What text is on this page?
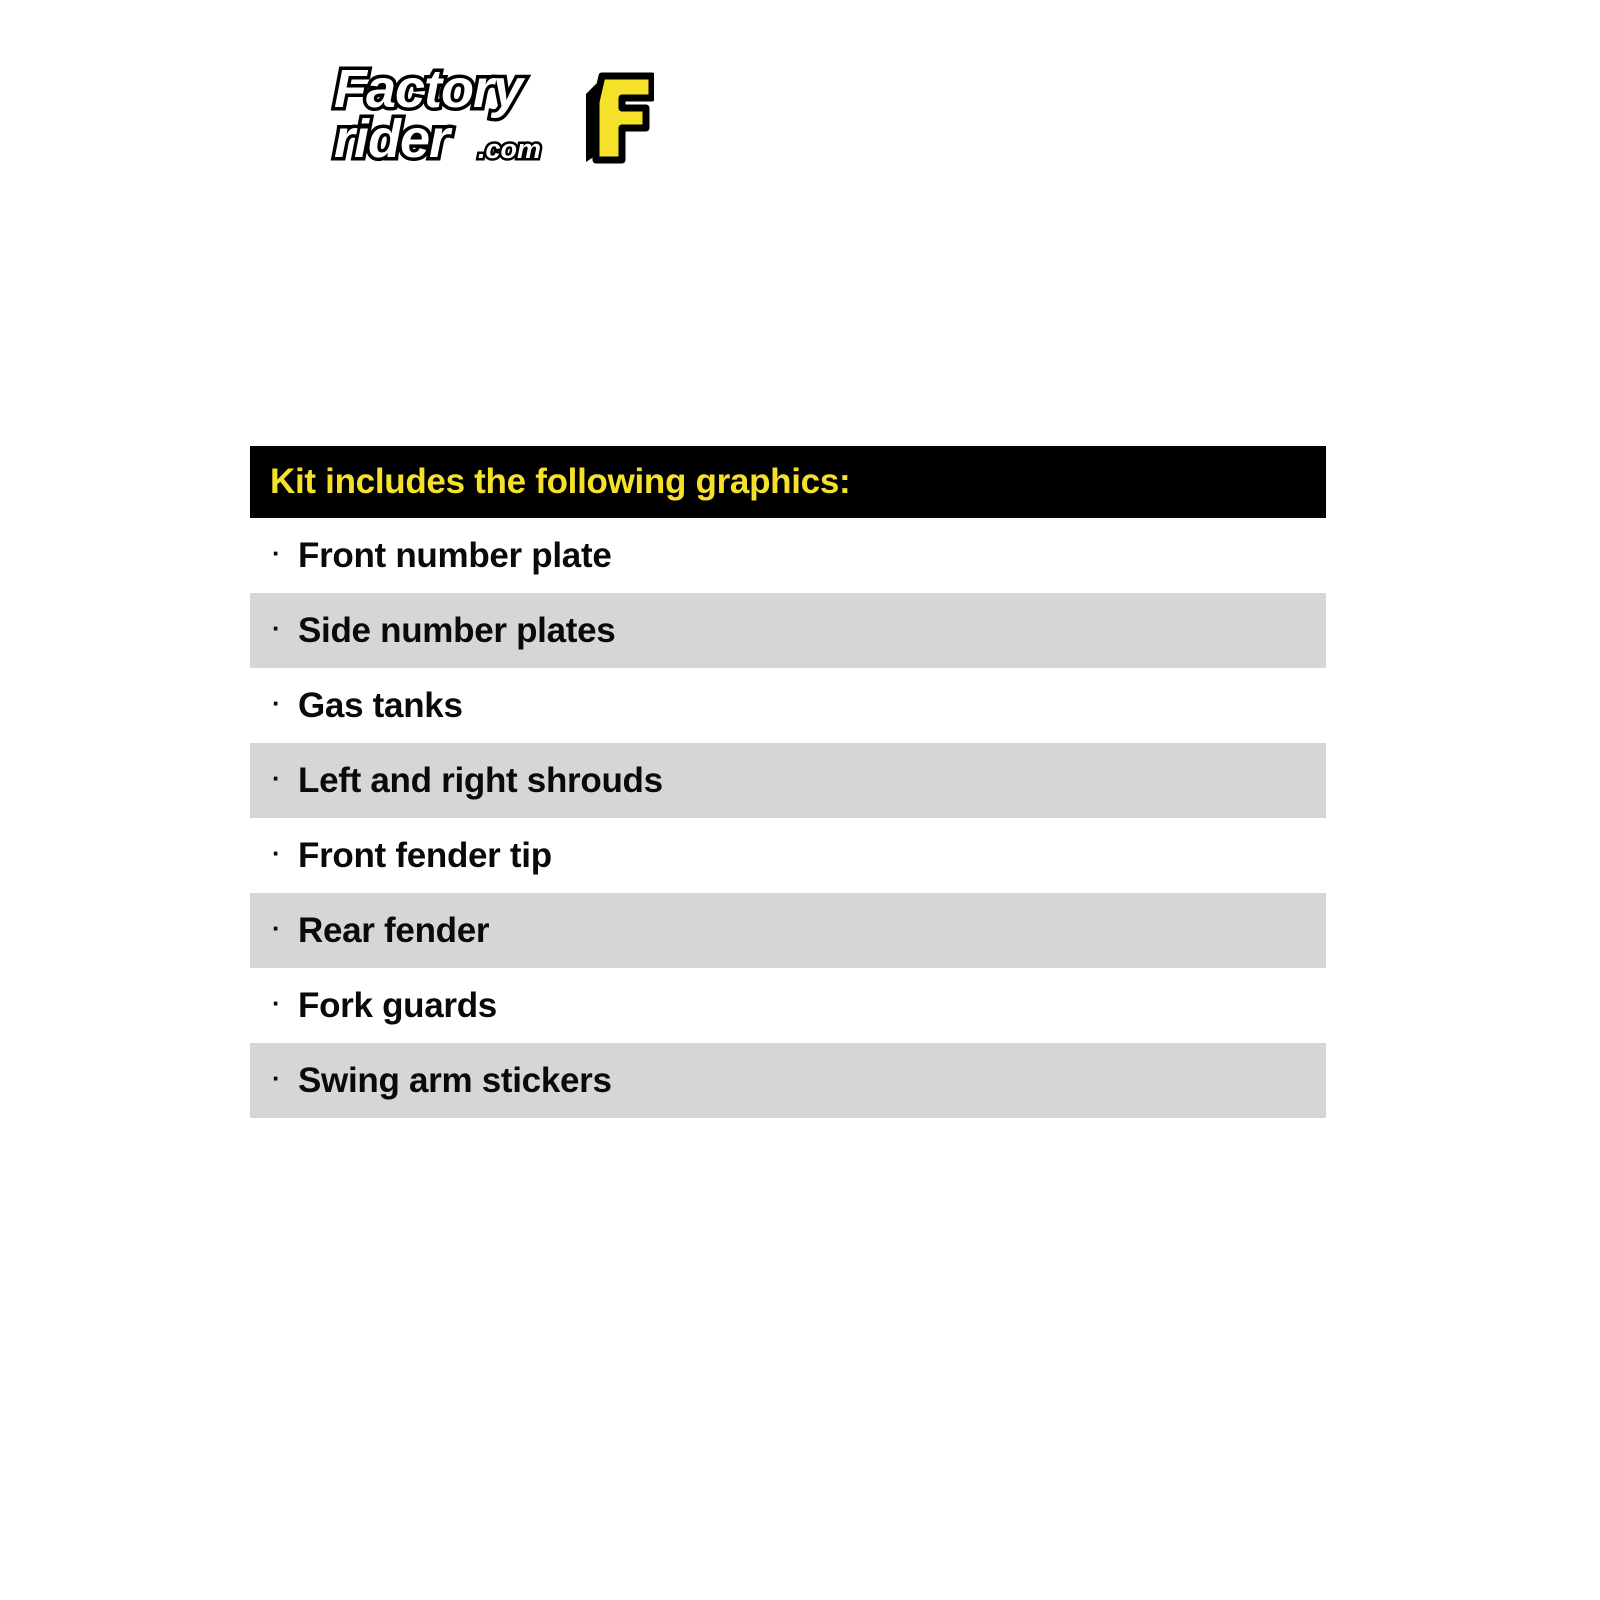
Factory
rider .com
Kit includes the following graphics:
· Front number plate
· Side number plates
· Gas tanks
· Left and right shrouds
· Front fender tip
· Rear fender
· Fork guards
· Swing arm stickers
